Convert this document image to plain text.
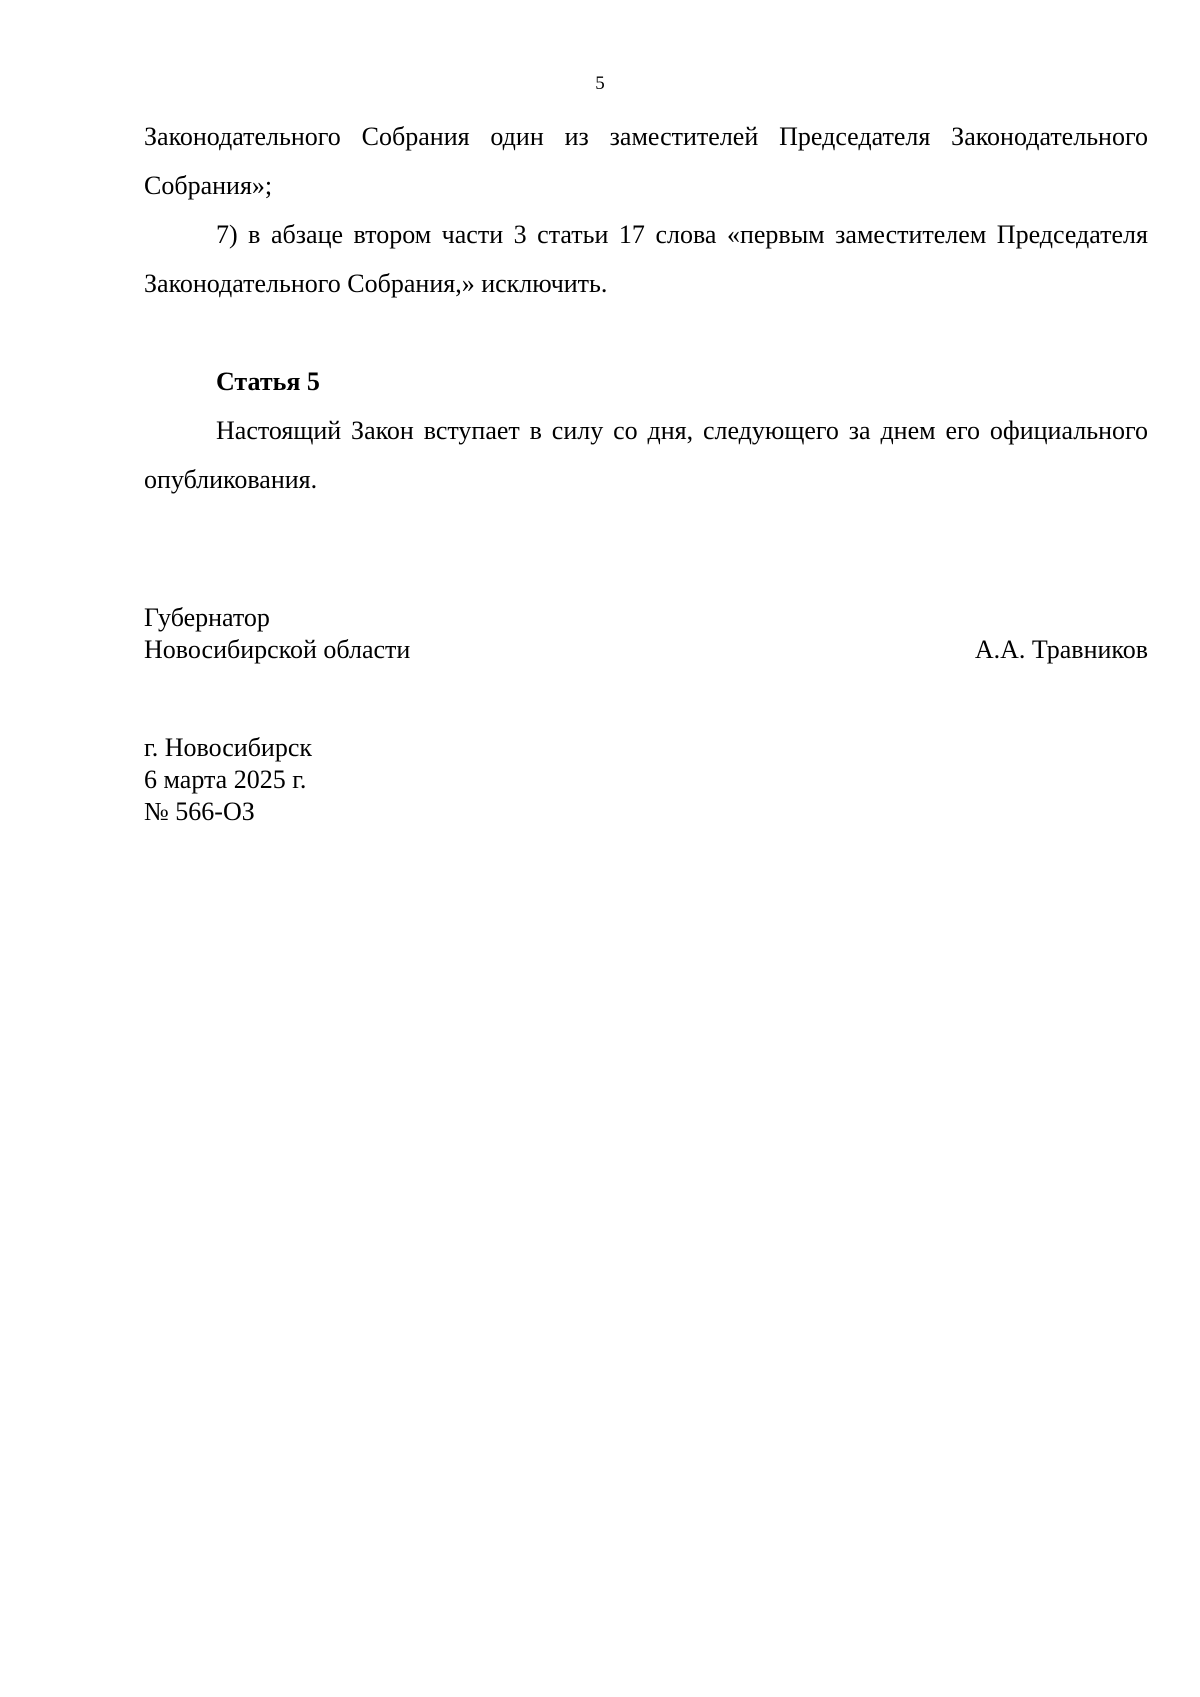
5

Законодательного Собрания один из заместителей Председателя Законодательного Собрания»;

7) в абзаце втором части 3 статьи 17 слова «первым заместителем Председателя Законодательного Собрания,» исключить.

Статья 5

Настоящий Закон вступает в силу со дня, следующего за днем его официального опубликования.

Губернатор
Новосибирской области	А.А. Травников
г. Новосибирск
6 марта 2025 г.
№ 566-ОЗ
